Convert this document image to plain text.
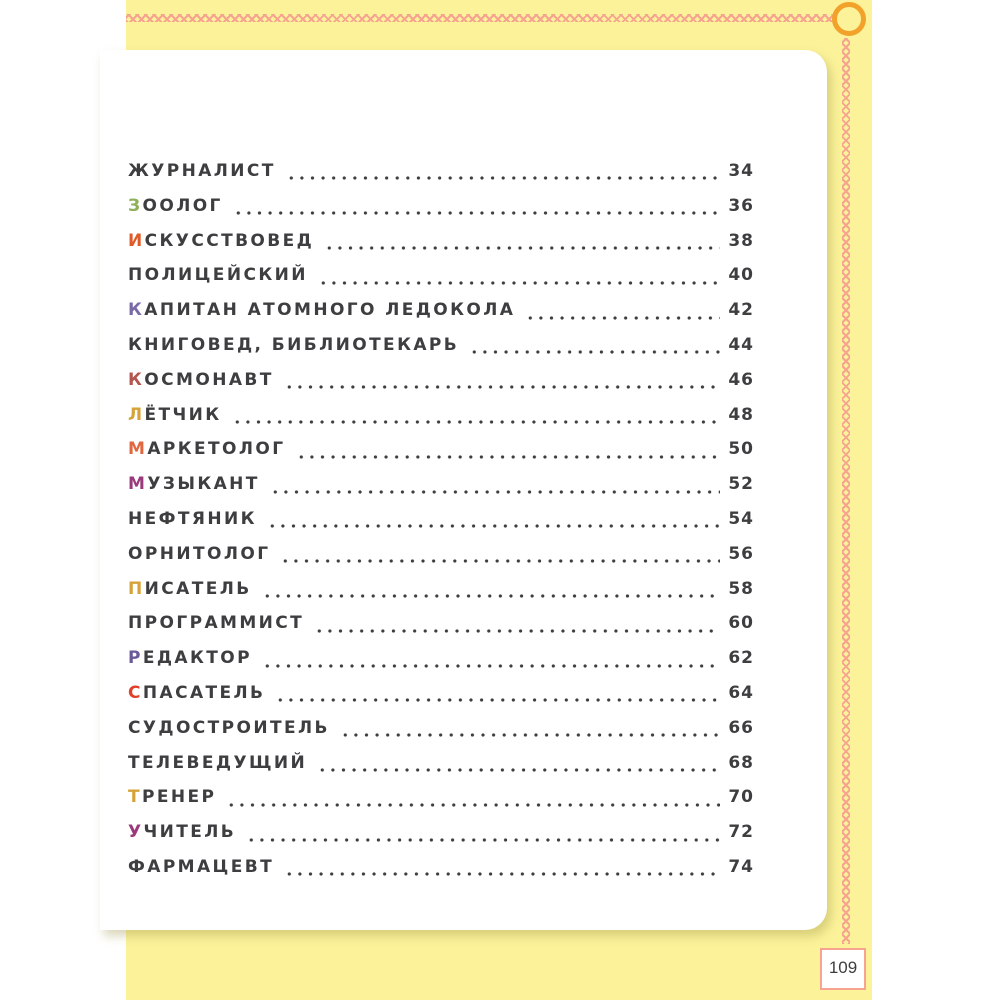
ЖУРНАЛИСТ	34
ЗООЛОГ	36
ИСКУССТВОВЕД	38
ПОЛИЦЕЙСКИЙ	40
КАПИТАН АТОМНОГО ЛЕДОКОЛА	42
КНИГОВЕД, БИБЛИОТЕКАРЬ	44
КОСМОНАВТ	46
ЛЁТЧИК	48
МАРКЕТОЛОГ	50
МУЗЫКАНТ	52
НЕФТЯНИК	54
ОРНИТОЛОГ	56
ПИСАТЕЛЬ	58
ПРОГРАММИСТ	60
РЕДАКТОР	62
СПАСАТЕЛЬ	64
СУДОСТРОИТЕЛЬ	66
ТЕЛЕВЕДУЩИЙ	68
ТРЕНЕР	70
УЧИТЕЛЬ	72
ФАРМАЦЕВТ	74
109
